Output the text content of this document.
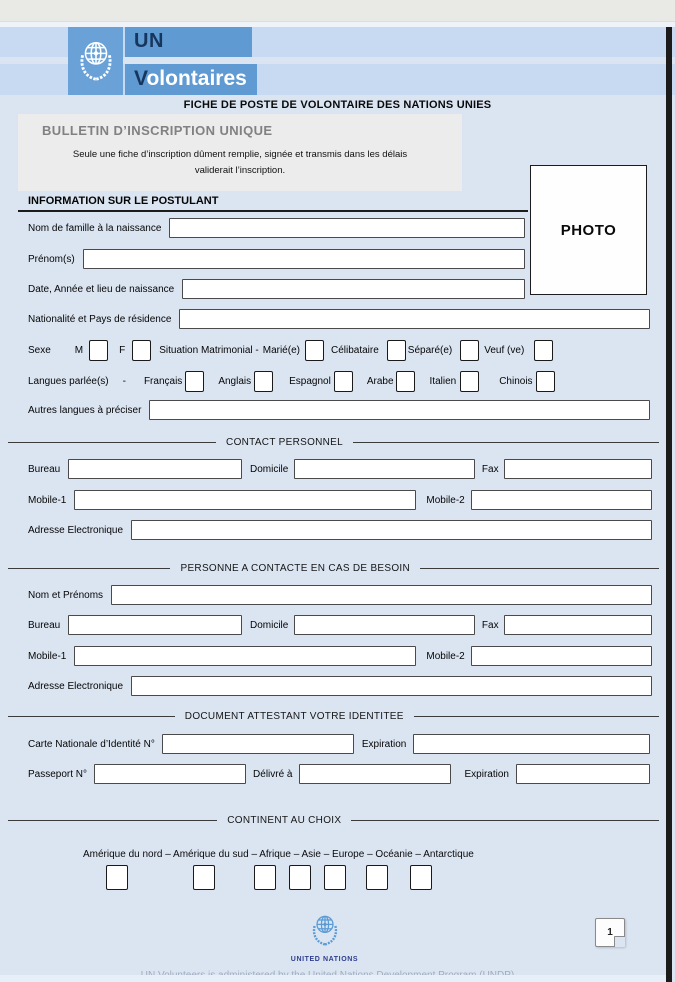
UN
Volontaires
FICHE DE POSTE DE VOLONTAIRE DES NATIONS UNIES
BULLETIN D’INSCRIPTION UNIQUE
Seule une fiche d’inscription dûment remplie, signée et transmis dans les délais
validerait l’inscription.
INFORMATION SUR LE POSTULANT
PHOTO
Nom de famille à la naissance
Prénom(s)
Date, Année et lieu de naissance
Nationalité et Pays de résidence
Sexe M	F	Situation Matrimonial - Marié(e)	Célibataire	Séparé(e)	Veuf (ve)
Langues parlée(s) - Français	Anglais	Espagnol	Arabe	Italien	Chinois
Autres langues à préciser
CONTACT PERSONNEL
Bureau	Domicile	Fax
Mobile-1	Mobile-2
Adresse Electronique
PERSONNE A CONTACTE EN CAS DE BESOIN
Nom et Prénoms
Bureau	Domicile	Fax
Mobile-1	Mobile-2
Adresse Electronique
DOCUMENT ATTESTANT VOTRE IDENTITEE
Carte Nationale d’Identité N°	Expiration
Passeport N°	Délivré à	Expiration
CONTINENT AU CHOIX
Amérique du nord – Amérique du sud – Afrique – Asie – Europe – Océanie – Antarctique
UNITED NATIONS
1
